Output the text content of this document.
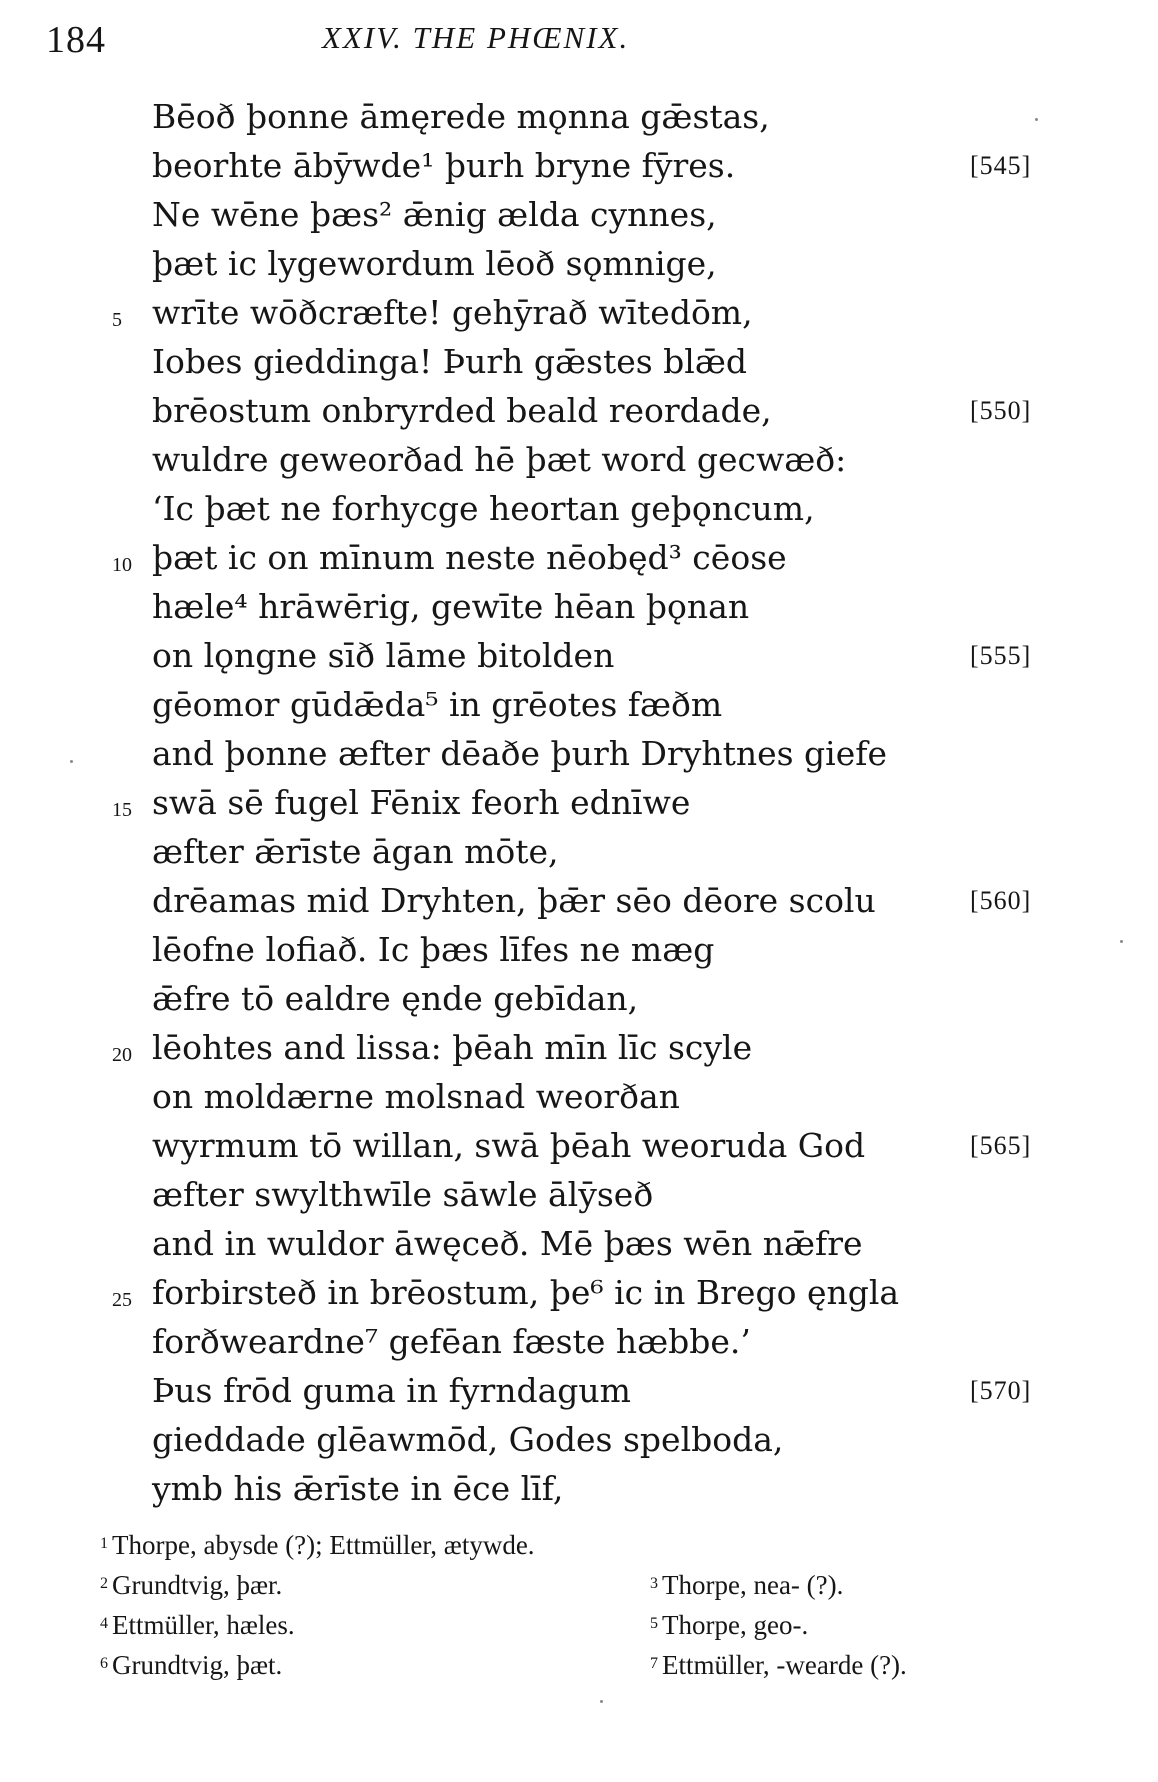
184	XXIV. THE PHŒNIX.
Bēoð þonne āmęrede mǫnna gǣstas,
beorhte ābȳwde¹ þurh bryne fȳres.	[545]
Ne wēne þæs² ǣnig ælda cynnes,
þæt ic lygewordum lēoð sǫmnige,
5 wrīte wōðcræfte! gehȳrað wītedōm,
Iobes gieddinga! Þurh gǣstes blǣd
brēostum onbryrded beald reordade,	[550]
wuldre geweorðad hē þæt word gecwæð:
‘Ic þæt ne forhycge heortan geþǫncum,
10 þæt ic on mīnum neste nēobęd³ cēose
hæle⁴ hrāwērig, gewīte hēan þǫnan
on lǫngne sīð lāme bitolden	[555]
gēomor gūdǣda⁵ in grēotes fæðm
and þonne æfter dēaðe þurh Dryhtnes giefe
15 swā sē fugel Fēnix feorh ednīwe
æfter ǣrīste āgan mōte,
drēamas mid Dryhten, þǣr sēo dēore scolu	[560]
lēofne lofiað. Ic þæs līfes ne mæg
ǣfre tō ealdre ęnde gebīdan,
20 lēohtes and lissa: þēah mīn līc scyle
on moldærne molsnad weorðan
wyrmum tō willan, swā þēah weoruda God	[565]
æfter swylthwīle sāwle ālȳseð
and in wuldor āwęceð. Mē þæs wēn nǣfre
25 forbirsteð in brēostum, þe⁶ ic in Brego ęngla
forðweardne⁷ gefēan fæste hæbbe.’
Þus frōd guma in fyrndagum	[570]
gieddade glēawmōd, Godes spelboda,
ymb his ǣrīste in ēce līf,
$^1$ Thorpe, abysde (?); Ettmüller, ætywde.
$^2$ Grundtvig, þær.	$^3$ Thorpe, nea- (?).
$^4$ Ettmüller, hæles.	$^5$ Thorpe, geo-.
$^6$ Grundtvig, þæt.	$^7$ Ettmüller, -wearde (?).
